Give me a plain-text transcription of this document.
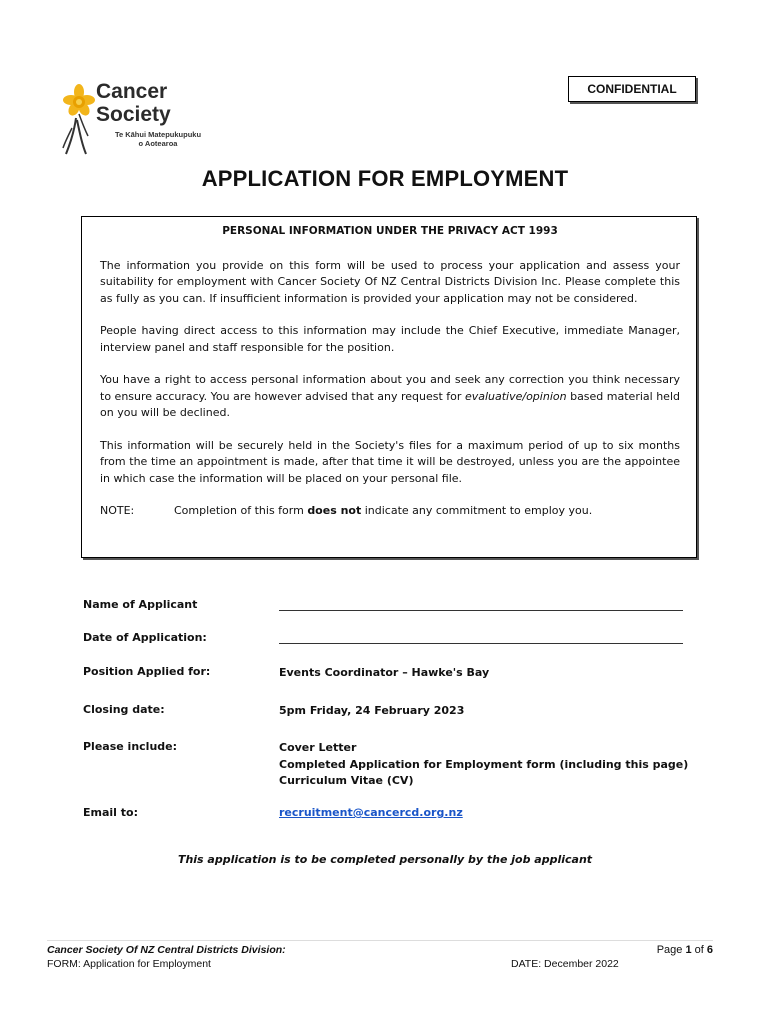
Cancer
Society
Te Kāhui Matepukupuku
o Aotearoa
CONFIDENTIAL
APPLICATION FOR EMPLOYMENT
PERSONAL INFORMATION UNDER THE PRIVACY ACT 1993

The information you provide on this form will be used to process your application and assess your suitability for employment with Cancer Society Of NZ Central Districts Division Inc. Please complete this as fully as you can. If insufficient information is provided your application may not be considered.

People having direct access to this information may include the Chief Executive, immediate Manager, interview panel and staff responsible for the position.

You have a right to access personal information about you and seek any correction you think necessary to ensure accuracy. You are however advised that any request for evaluative/opinion based material held on you will be declined.

This information will be securely held in the Society's files for a maximum period of up to six months from the time an appointment is made, after that time it will be destroyed, unless you are the appointee in which case the information will be placed on your personal file.

NOTE:	Completion of this form does not indicate any commitment to employ you.
Name of Applicant
Date of Application:
Position Applied for:	Events Coordinator – Hawke's Bay
Closing date:	5pm Friday, 24 February 2023
Please include:	Cover Letter
Completed Application for Employment form (including this page)
Curriculum Vitae (CV)
Email to:	recruitment@cancercd.org.nz
This application is to be completed personally by the job applicant
Cancer Society Of NZ Central Districts Division:
FORM: Application for Employment
Page 1 of 6
DATE: December 2022
